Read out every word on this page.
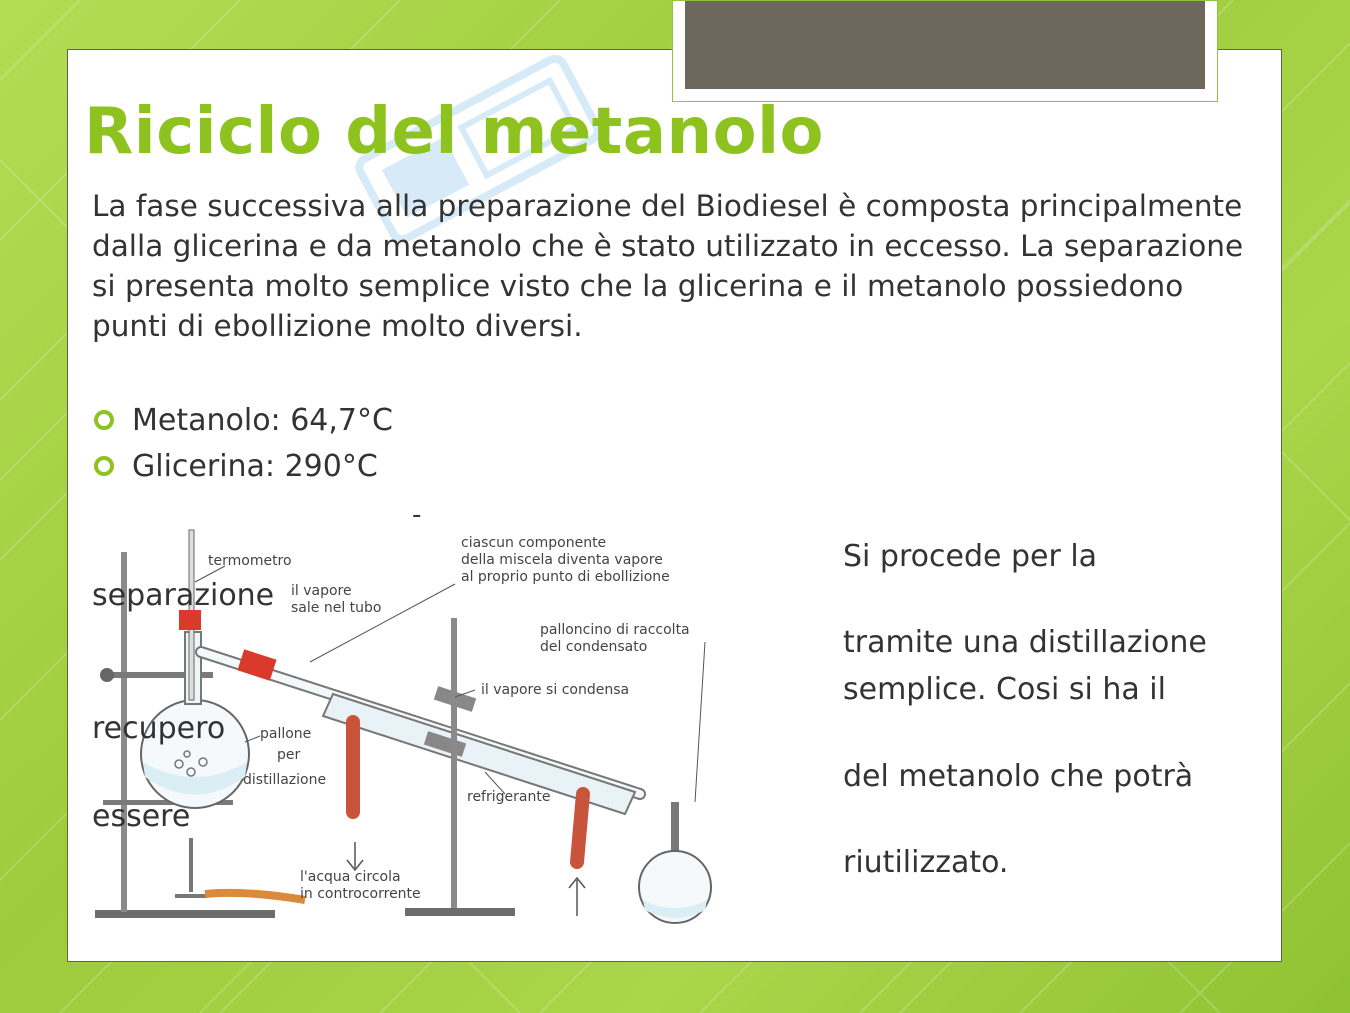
Riciclo del metanolo

La fase successiva alla preparazione del Biodiesel è composta principalmente dalla glicerina e da metanolo che è stato utilizzato in eccesso. La separazione si presenta molto semplice visto che la glicerina e il metanolo possiedono punti di ebollizione molto diversi.

Metanolo: 64,7°C
Glicerina: 290°C
-
termometro
il vapore
sale nel tubo
ciascun componente
della miscela diventa vapore
al proprio punto di ebollizione
palloncino di raccolta
del condensato
il vapore si condensa
pallone
per
distillazione
refrigerante
l'acqua circola
in controcorrente
separazione
recupero
essere
Si procede per la
tramite una distillazione
semplice. Cosi si ha il
del metanolo che potrà
riutilizzato.
